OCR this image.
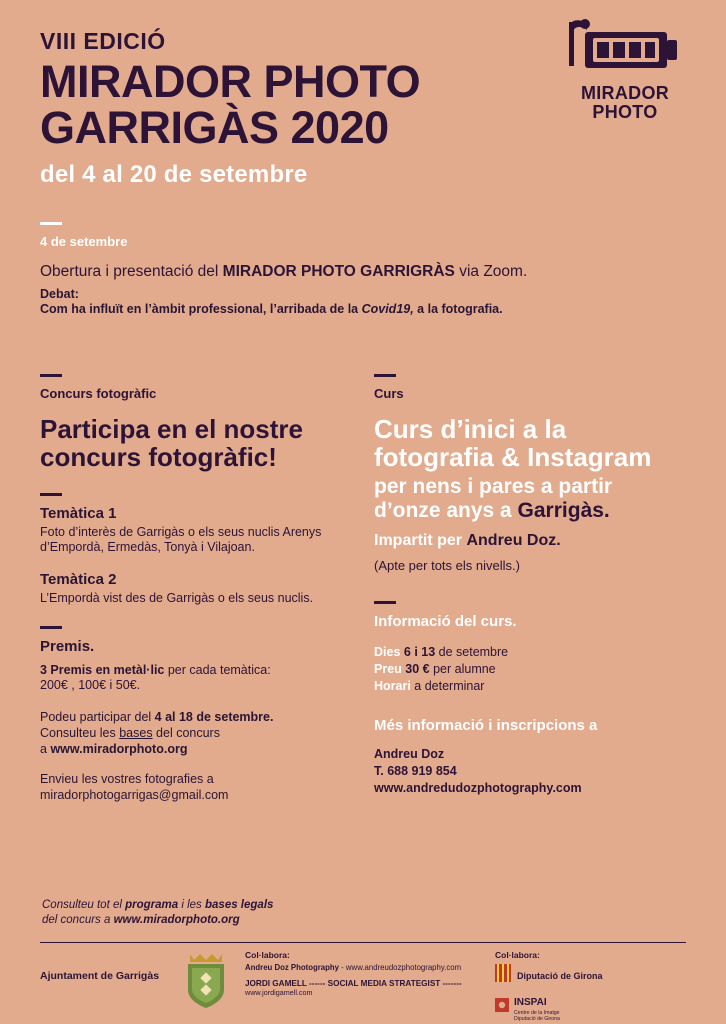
VIII EDICIÓ
MIRADOR PHOTO
GARRIGÀS 2020
del 4 al 20 de setembre
MIRADOR
PHOTO
4 de setembre
Obertura i presentació del MIRADOR PHOTO GARRIGRÀS via Zoom.
Debat:
Com ha influït en l’àmbit professional, l’arribada de la Covid19, a la fotografia.
Concurs fotogràfic
Participa en el nostre
concurs fotogràfic!
Temàtica 1
Foto d’interès de Garrigàs o els seus nuclis Arenys
d’Empordà, Ermedàs, Tonyà i Vilajoan.
Temàtica 2
L’Empordà vist des de Garrigàs o els seus nuclis.
Premis.
3 Premis en metàl·lic per cada temàtica:
200€ , 100€ i 50€.
Podeu participar del 4 al 18 de setembre.
Consulteu les bases del concurs
a www.miradorphoto.org
Envieu les vostres fotografies a
miradorphotogarrigas@gmail.com
Curs
Curs d’inici a la
fotografia & Instagram
per nens i pares a partir
d’onze anys a Garrigàs.
Impartit per Andreu Doz.
(Apte per tots els nivells.)
Informació del curs.
Dies 6 i 13 de setembre
Preu 30 € per alumne
Horari a determinar
Més informació i inscripcions a
Andreu Doz
T. 688 919 854
www.andredudozphotography.com
Consulteu tot el programa i les bases legals
del concurs a www.miradorphoto.org
Ajuntament de Garrigàs
Col·labora:
Andreu Doz Photography - www.andreudozphotography.com
JORDI GAMELL ------ SOCIAL MEDIA STRATEGIST -------
www.jordigamell.com
Col·labora:
Diputació de Girona
INSPAI
Centre de la Imatge
Diputació de Girona
